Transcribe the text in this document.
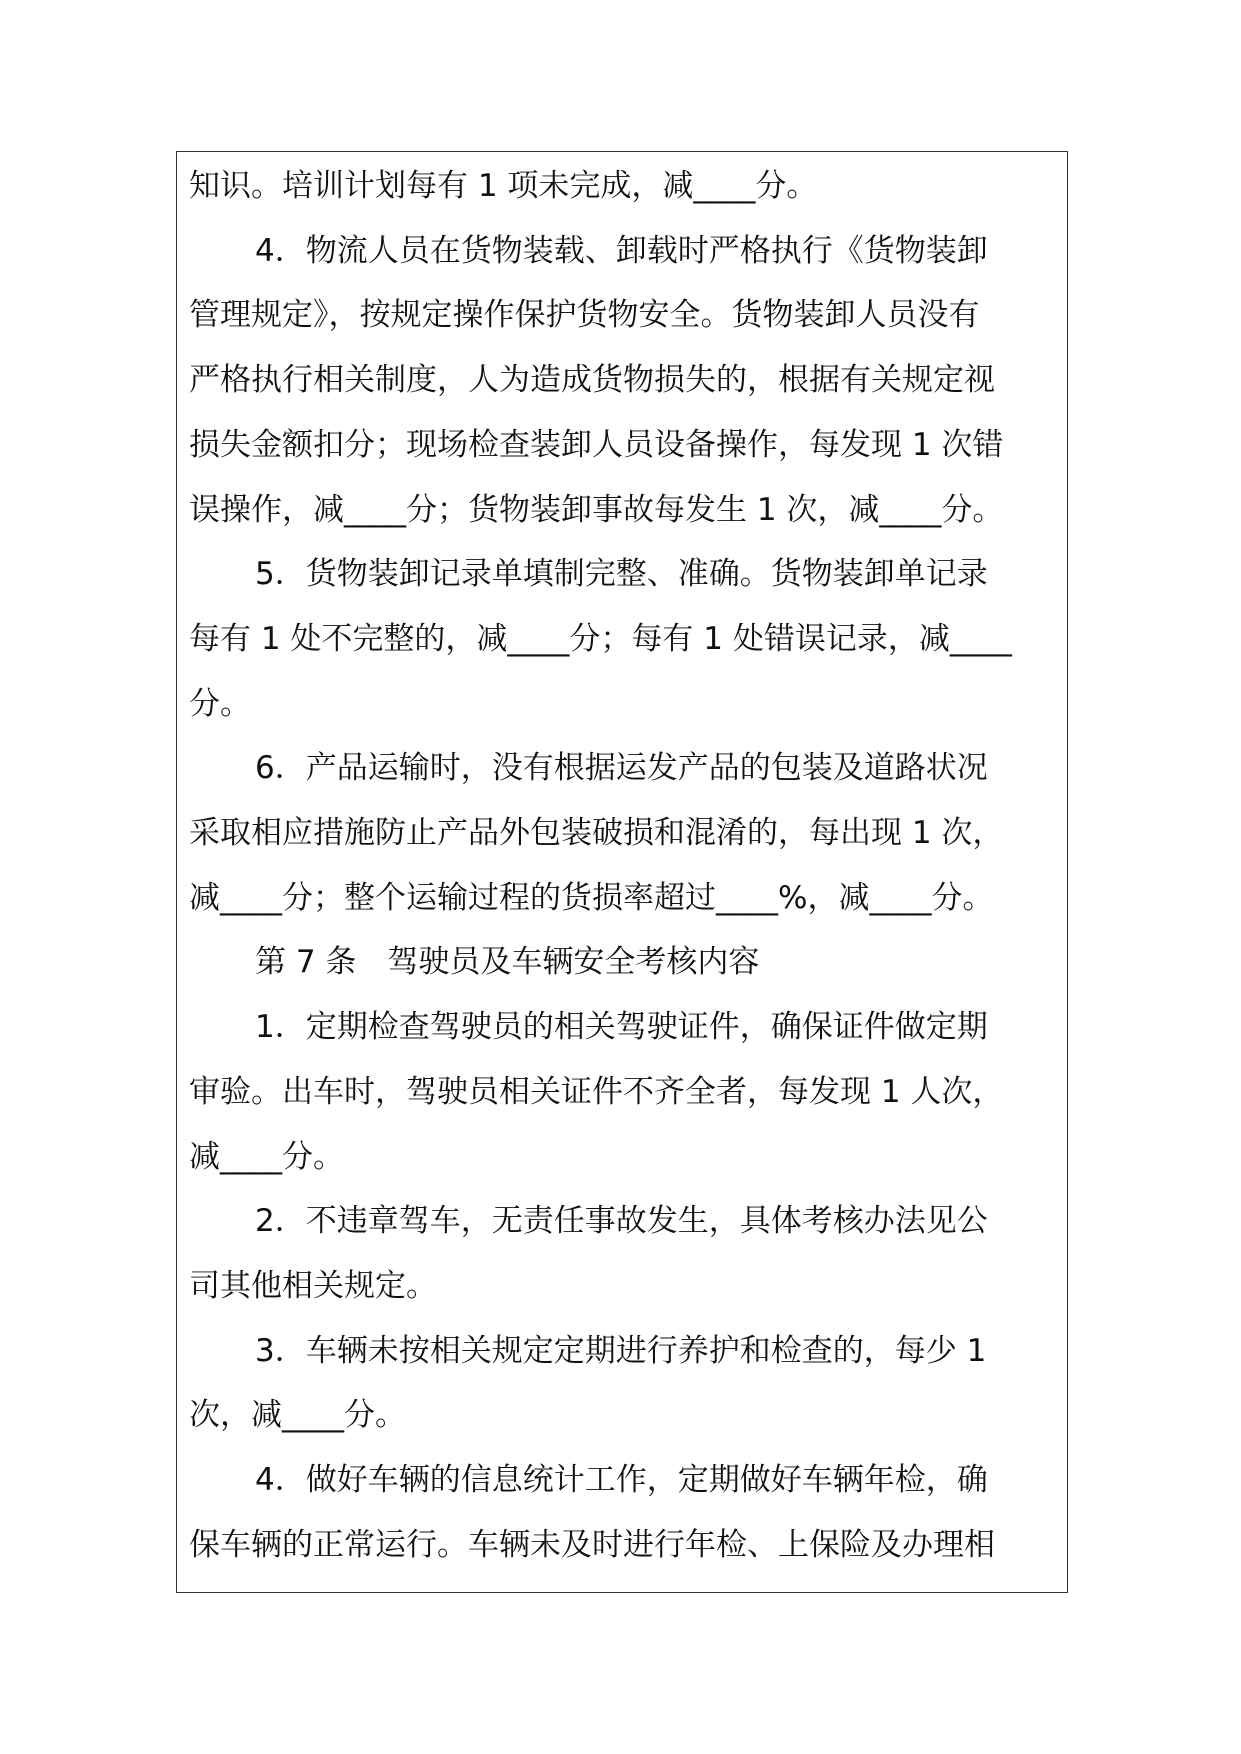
知识。培训计划每有 1 项未完成，减____分。
4．物流人员在货物装载、卸载时严格执行《货物装卸
管理规定》，按规定操作保护货物安全。货物装卸人员没有
严格执行相关制度，人为造成货物损失的，根据有关规定视
损失金额扣分；现场检查装卸人员设备操作，每发现 1 次错
误操作，减____分；货物装卸事故每发生 1 次，减____分。
5．货物装卸记录单填制完整、准确。货物装卸单记录
每有 1 处不完整的，减____分；每有 1 处错误记录，减____
分。
6．产品运输时，没有根据运发产品的包装及道路状况
采取相应措施防止产品外包装破损和混淆的，每出现 1 次，
减____分；整个运输过程的货损率超过____%，减____分。
第 7 条　驾驶员及车辆安全考核内容
1．定期检查驾驶员的相关驾驶证件，确保证件做定期
审验。出车时，驾驶员相关证件不齐全者，每发现 1 人次，
减____分。
2．不违章驾车，无责任事故发生，具体考核办法见公
司其他相关规定。
3．车辆未按相关规定定期进行养护和检查的，每少 1
次，减____分。
4．做好车辆的信息统计工作，定期做好车辆年检，确
保车辆的正常运行。车辆未及时进行年检、上保险及办理相
